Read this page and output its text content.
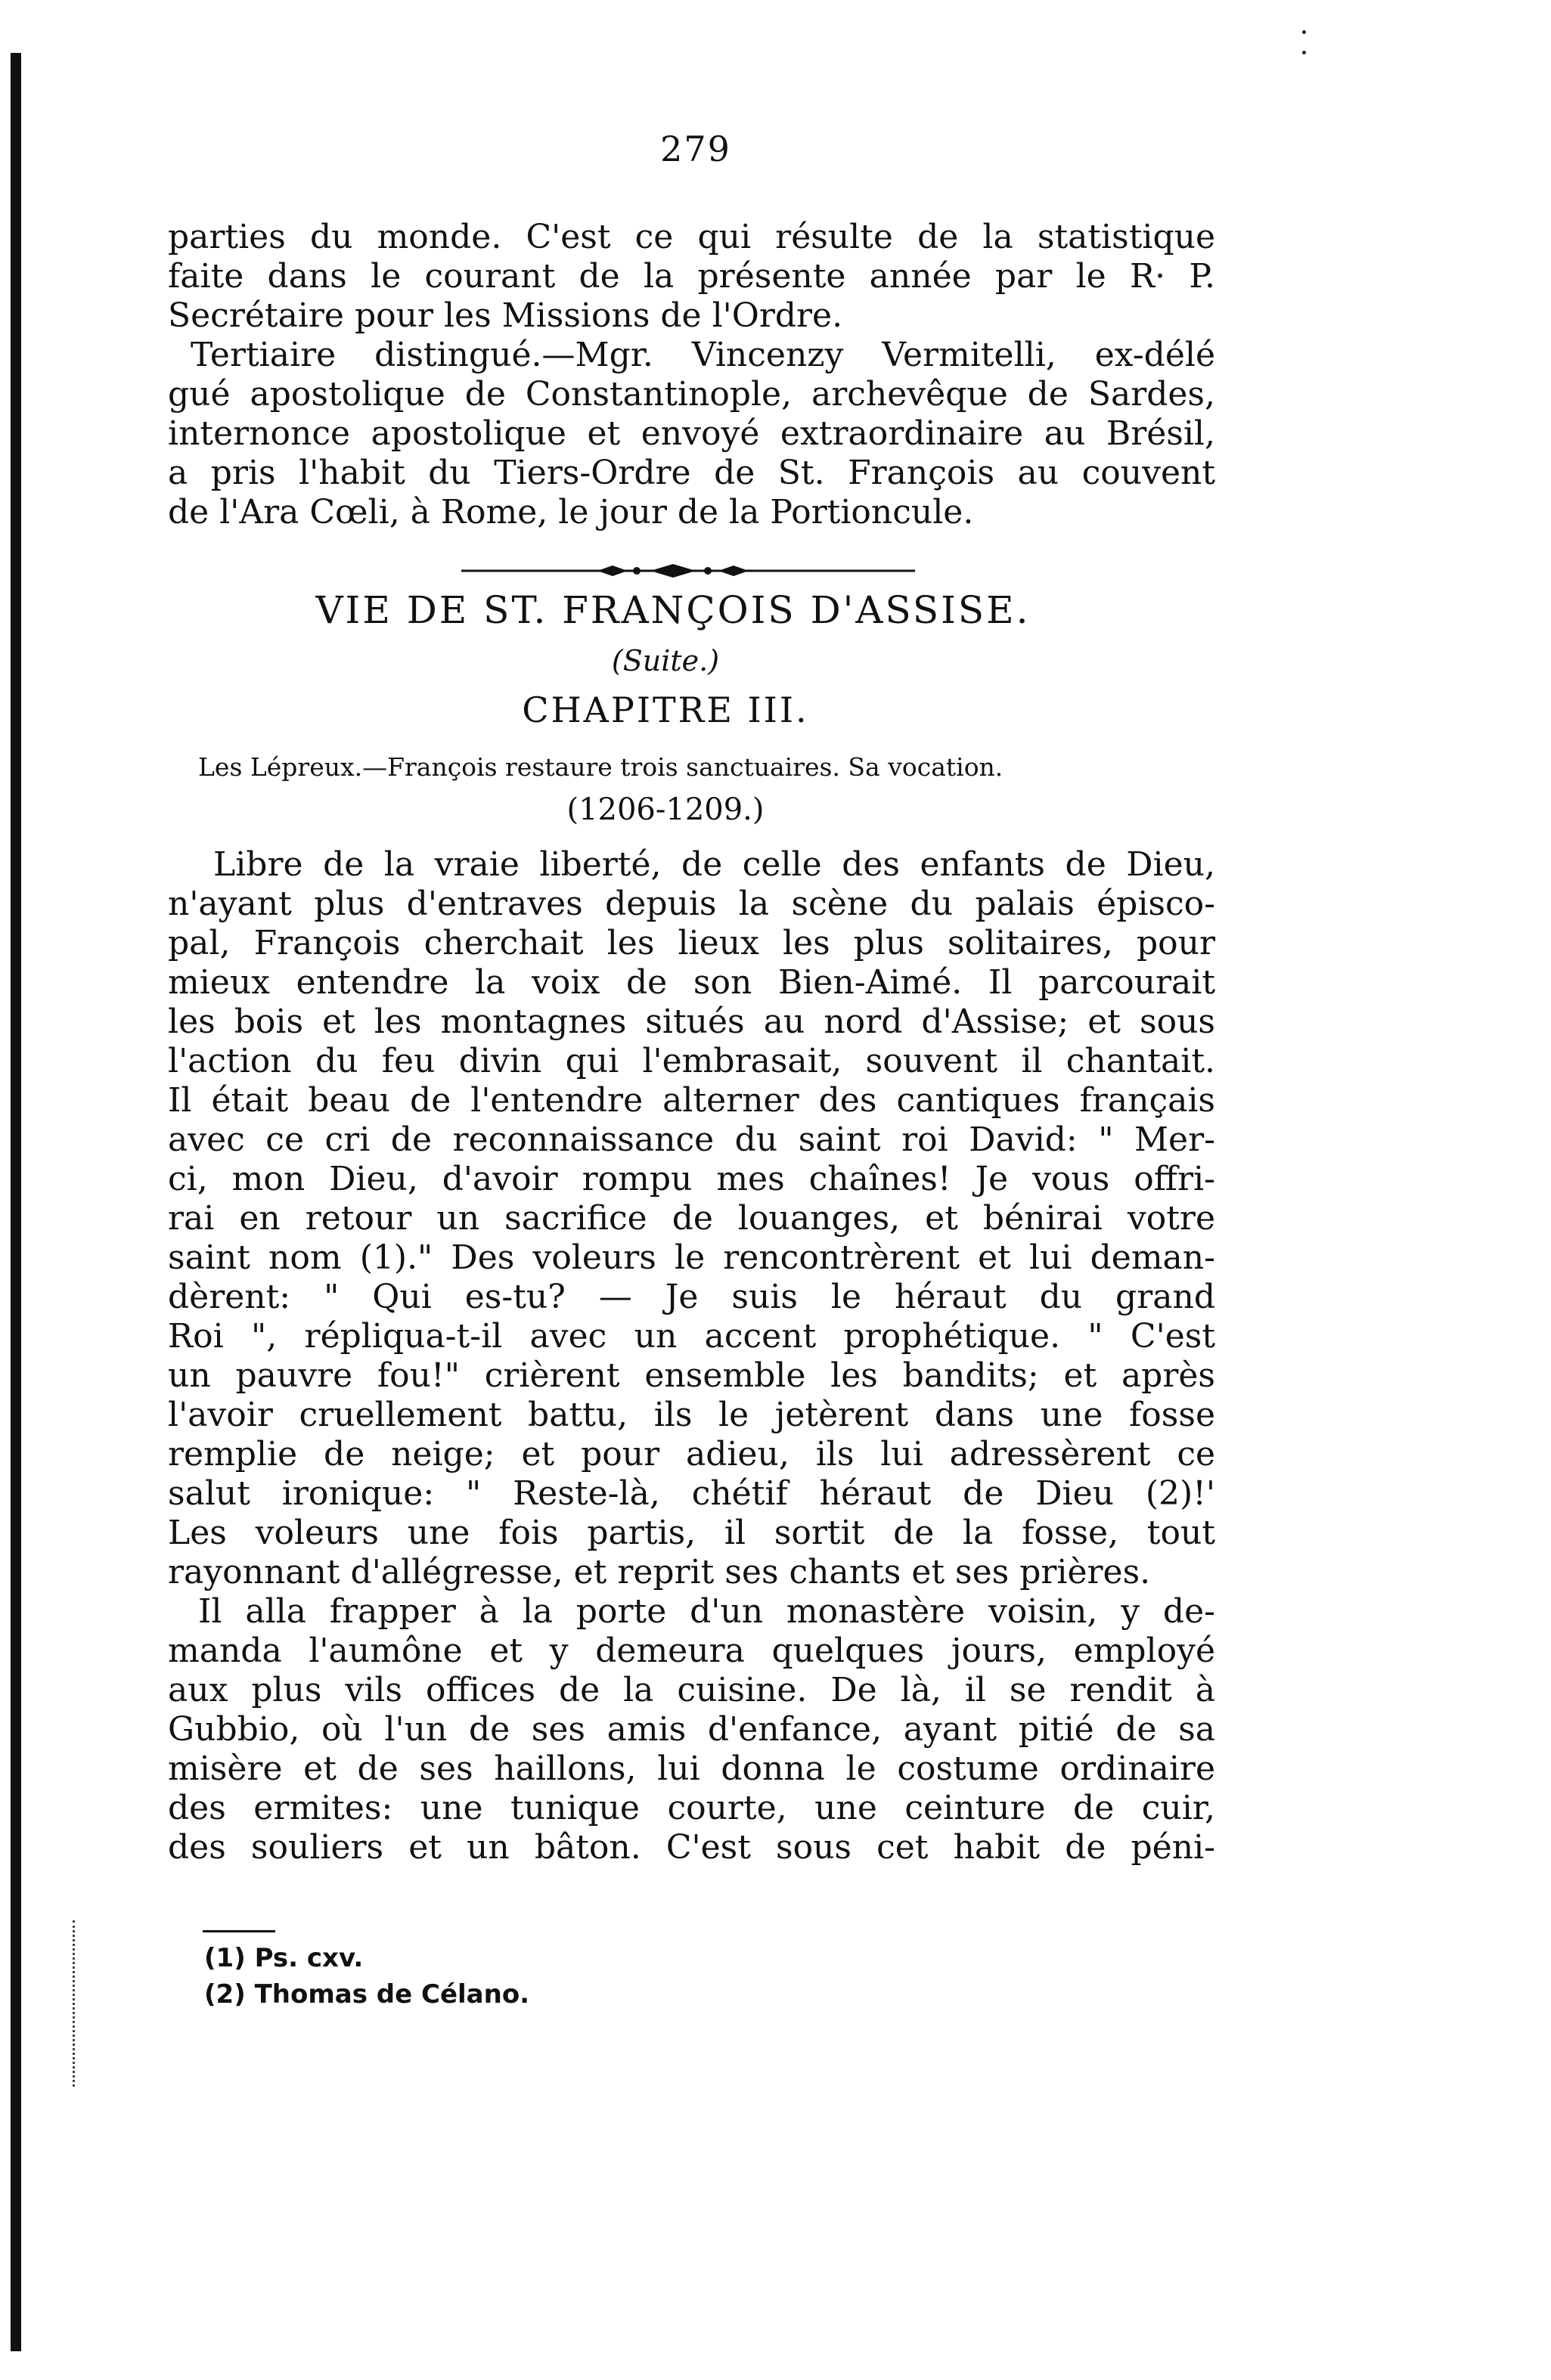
279
parties du monde. C'est ce qui résulte de la statistique
faite dans le courant de la présente année par le R· P.
Secrétaire pour les Missions de l'Ordre.
Tertiaire distingué.—Mgr. Vincenzy Vermitelli, ex-délé
gué apostolique de Constantinople, archevêque de Sardes,
internonce apostolique et envoyé extraordinaire au Brésil,
a pris l'habit du Tiers-Ordre de St. François au couvent
de l'Ara Cœli, à Rome, le jour de la Portioncule.
VIE DE ST. FRANÇOIS D'ASSISE.
(Suite.)
CHAPITRE III.
Les Lépreux.—François restaure trois sanctuaires. Sa vocation.
(1206-1209.)
Libre de la vraie liberté, de celle des enfants de Dieu,
n'ayant plus d'entraves depuis la scène du palais épisco-
pal, François cherchait les lieux les plus solitaires, pour
mieux entendre la voix de son Bien-Aimé. Il parcourait
les bois et les montagnes situés au nord d'Assise; et sous
l'action du feu divin qui l'embrasait, souvent il chantait.
Il était beau de l'entendre alterner des cantiques français
avec ce cri de reconnaissance du saint roi David: " Mer-
ci, mon Dieu, d'avoir rompu mes chaînes! Je vous offri-
rai en retour un sacrifice de louanges, et bénirai votre
saint nom (1)." Des voleurs le rencontrèrent et lui deman-
dèrent: " Qui es-tu? — Je suis le héraut du grand
Roi ", répliqua-t-il avec un accent prophétique. " C'est
un pauvre fou!" crièrent ensemble les bandits; et après
l'avoir cruellement battu, ils le jetèrent dans une fosse
remplie de neige; et pour adieu, ils lui adressèrent ce
salut ironique: " Reste-là, chétif héraut de Dieu (2)!'
Les voleurs une fois partis, il sortit de la fosse, tout
rayonnant d'allégresse, et reprit ses chants et ses prières.
Il alla frapper à la porte d'un monastère voisin, y de-
manda l'aumône et y demeura quelques jours, employé
aux plus vils offices de la cuisine. De là, il se rendit à
Gubbio, où l'un de ses amis d'enfance, ayant pitié de sa
misère et de ses haillons, lui donna le costume ordinaire
des ermites: une tunique courte, une ceinture de cuir,
des souliers et un bâton. C'est sous cet habit de péni-
(1) Ps. cxv.
(2) Thomas de Célano.
